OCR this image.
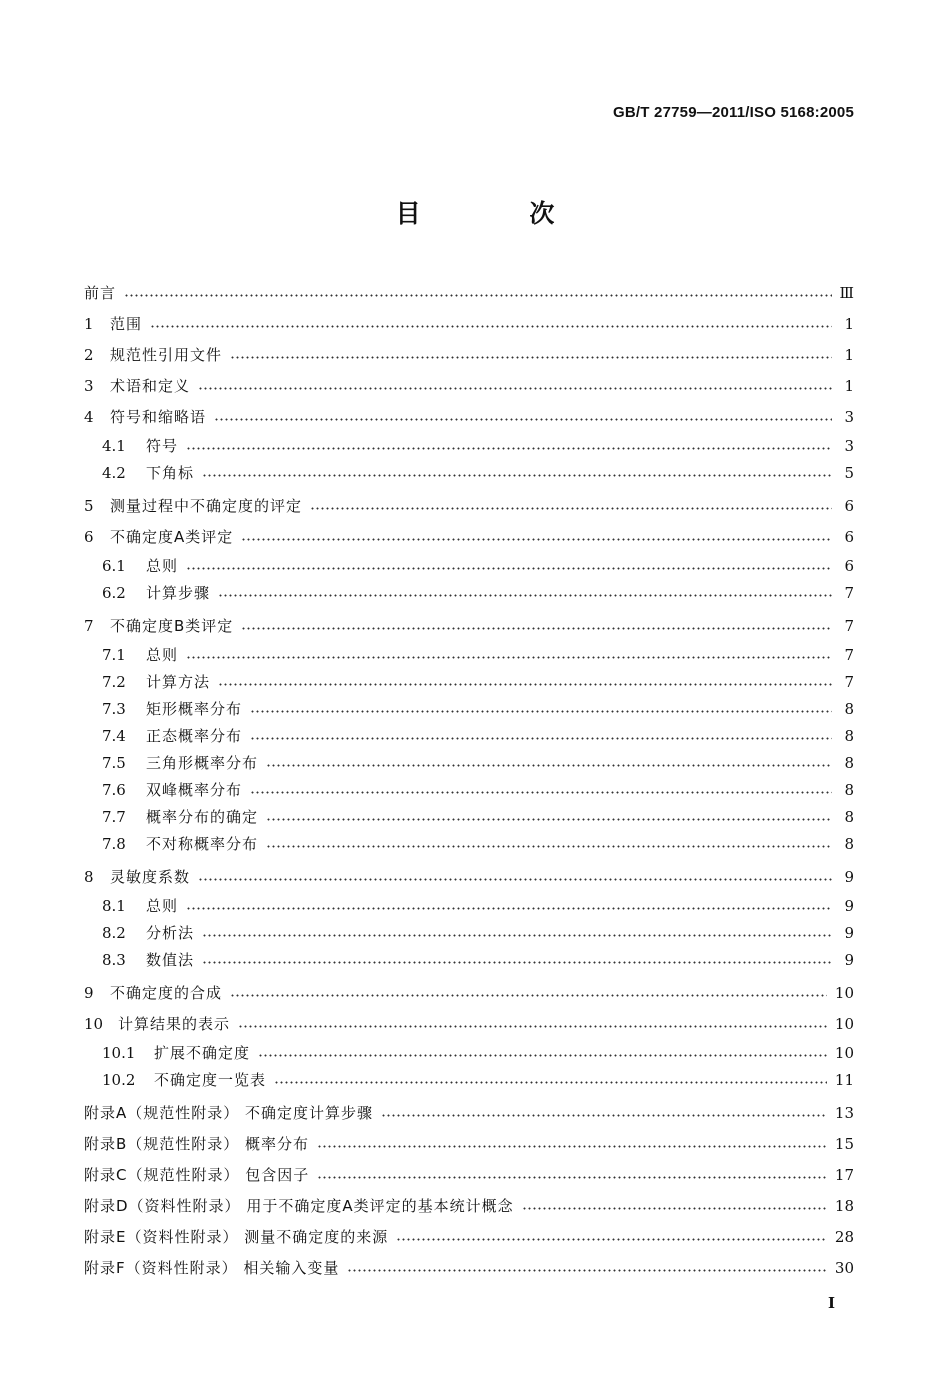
GB/T 27759—2011/ISO 5168:2005
目 次
前言	Ⅲ
1	范围	1
2	规范性引用文件	1
3	术语和定义	1
4	符号和缩略语	3
4.1	符号	3
4.2	下角标	5
5	测量过程中不确定度的评定	6
6	不确定度A类评定	6
6.1	总则	6
6.2	计算步骤	7
7	不确定度B类评定	7
7.1	总则	7
7.2	计算方法	7
7.3	矩形概率分布	8
7.4	正态概率分布	8
7.5	三角形概率分布	8
7.6	双峰概率分布	8
7.7	概率分布的确定	8
7.8	不对称概率分布	8
8	灵敏度系数	9
8.1	总则	9
8.2	分析法	9
8.3	数值法	9
9	不确定度的合成	10
10 计算结果的表示	10
10.1	扩展不确定度	10
10.2	不确定度一览表	11
附录A（规范性附录） 不确定度计算步骤	13
附录B（规范性附录） 概率分布	15
附录C（规范性附录） 包含因子	17
附录D（资料性附录） 用于不确定度A类评定的基本统计概念	18
附录E（资料性附录） 测量不确定度的来源	28
附录F（资料性附录） 相关输入变量	30
I
